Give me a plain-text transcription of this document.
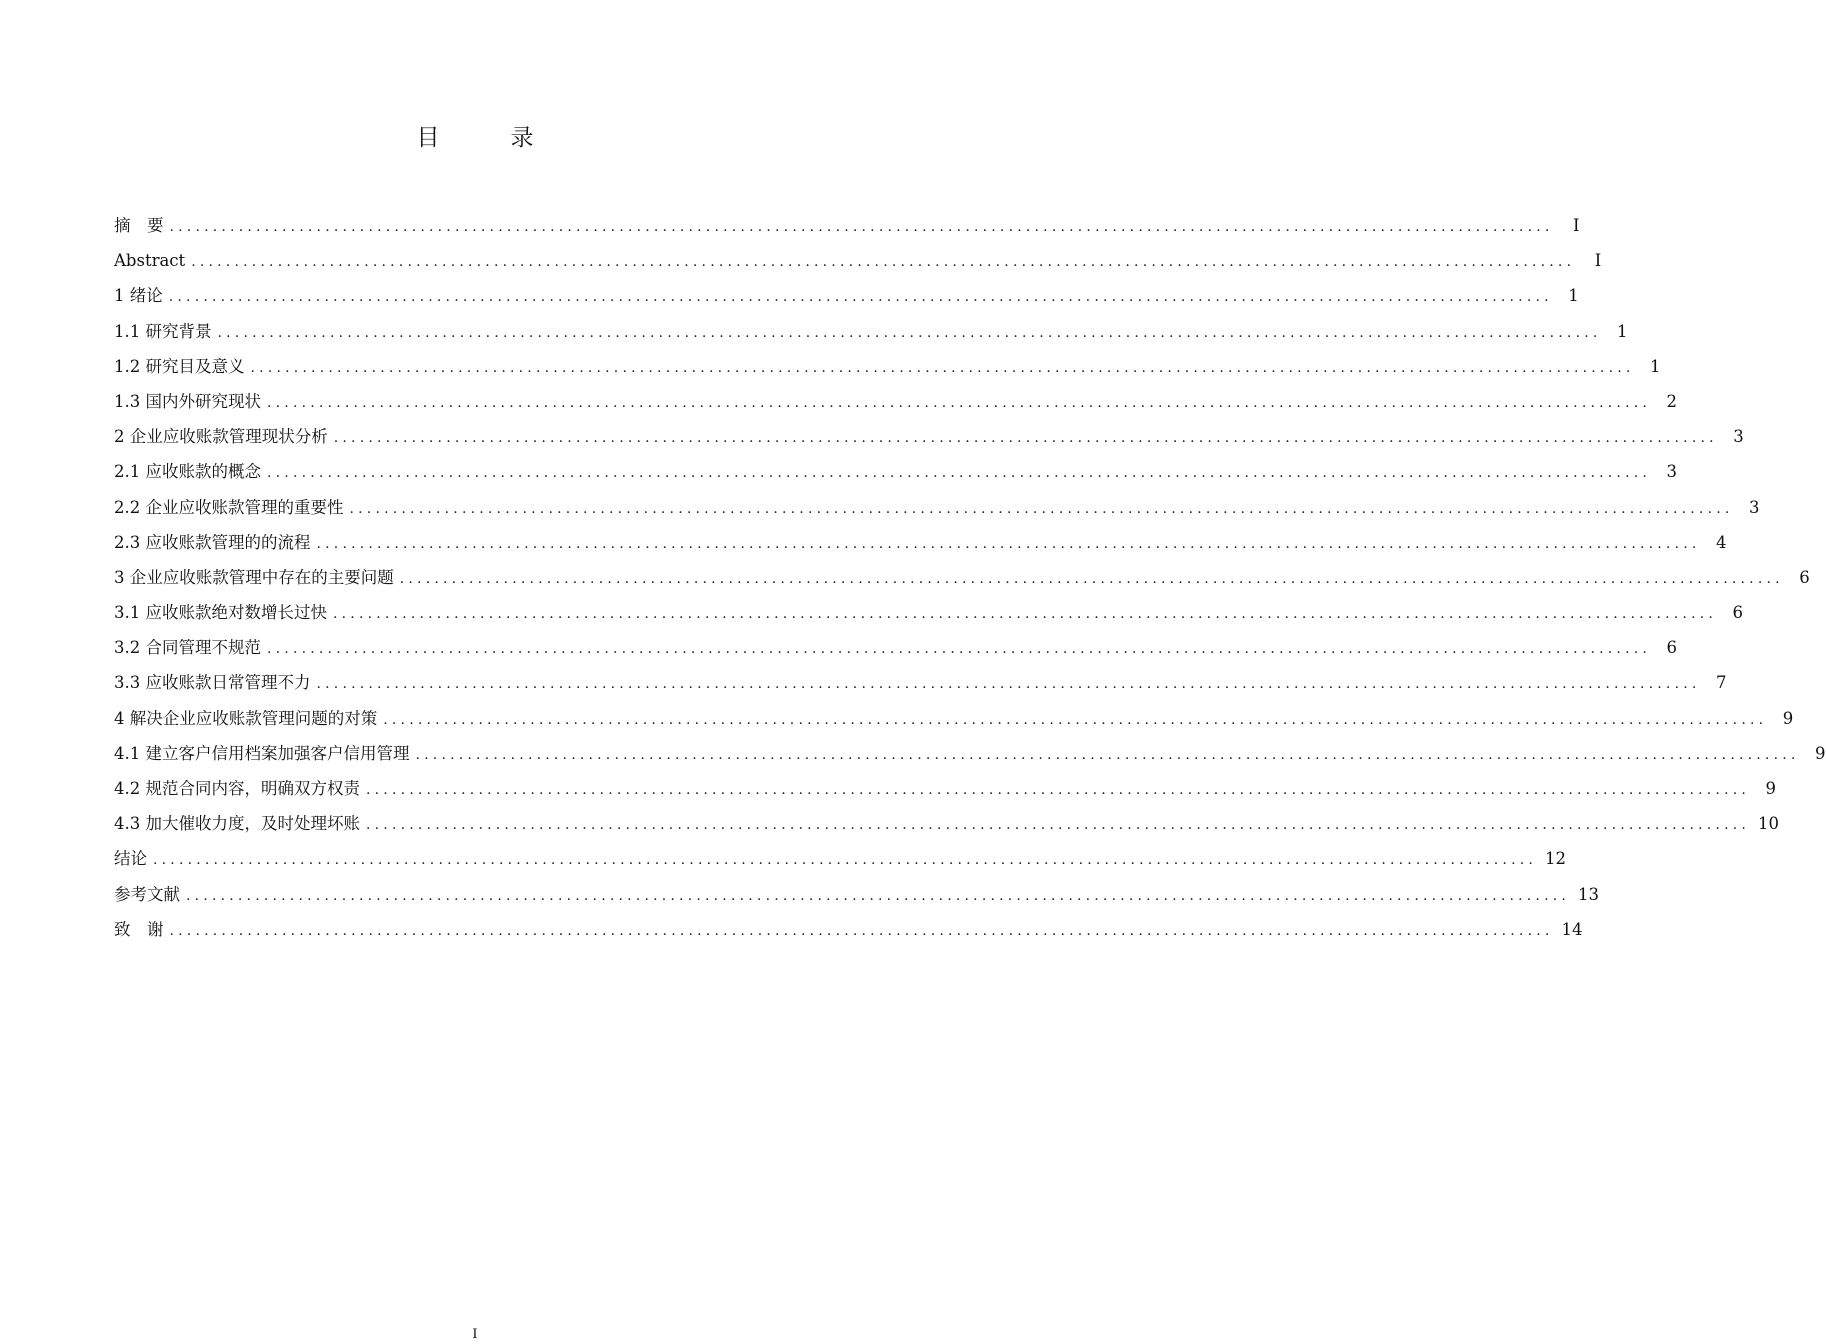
目　录
摘　要 ................................................................................................................................................................	I
Abstract ................................................................................................................................................................	I
1 绪论 ................................................................................................................................................................ 1
1.1 研究背景 ................................................................................................................................................................ 1
1.2 研究目及意义 ................................................................................................................................................................ 1
1.3 国内外研究现状 ................................................................................................................................................................ 2
2 企业应收账款管理现状分析 ................................................................................................................................................................ 3
2.1 应收账款的概念 ................................................................................................................................................................ 3
2.2 企业应收账款管理的重要性 ................................................................................................................................................................ 3
2.3 应收账款管理的的流程 ................................................................................................................................................................ 4
3 企业应收账款管理中存在的主要问题 ................................................................................................................................................................ 6
3.1 应收账款绝对数增长过快 ................................................................................................................................................................ 6
3.2 合同管理不规范 ................................................................................................................................................................ 6
3.3 应收账款日常管理不力 ................................................................................................................................................................ 7
4 解决企业应收账款管理问题的对策 ................................................................................................................................................................ 9
4.1 建立客户信用档案加强客户信用管理 ................................................................................................................................................................ 9
4.2 规范合同内容，明确双方权责 ................................................................................................................................................................ 9
4.3 加大催收力度，及时处理坏账 ................................................................................................................................................................ 10
结论 ................................................................................................................................................................ 12
参考文献 ................................................................................................................................................................ 13
致　谢 ................................................................................................................................................................ 14
I
